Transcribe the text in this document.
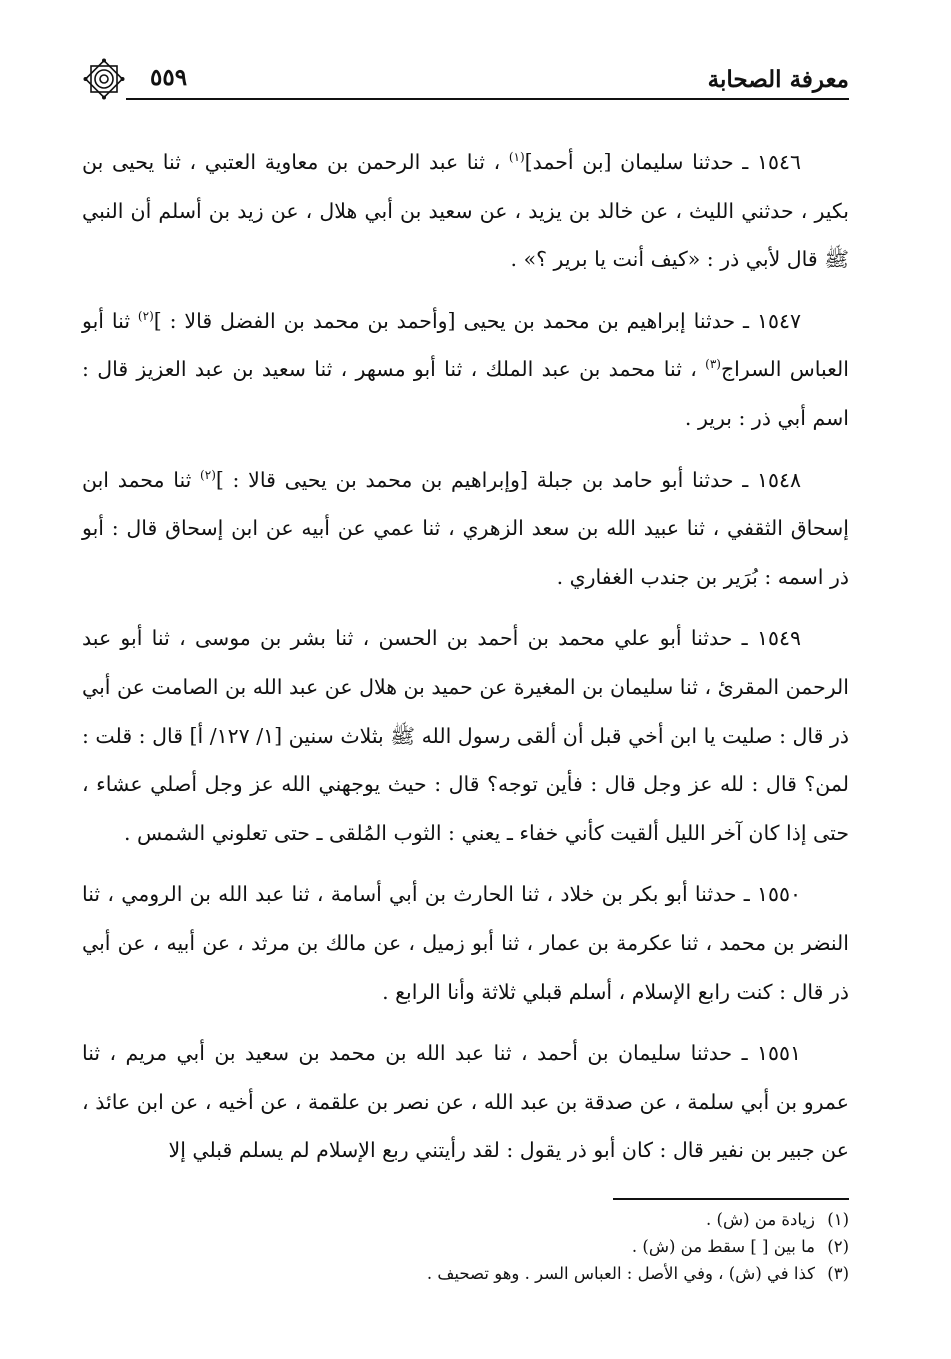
معرفة الصحابة
٥٥٩

١٥٤٦ ـ حدثنا سليمان [بن أحمد]$^{(١)}$ ، ثنا عبد الرحمن بن معاوية العتبي ، ثنا يحيى بن بكير ، حدثني الليث ، عن خالد بن يزيد ، عن سعيد بن أبي هلال ، عن زيد بن أسلم أن النبي ﷺ قال لأبي ذر : «كيف أنت يا برير ؟» .

١٥٤٧ ـ حدثنا إبراهيم بن محمد بن يحيى [وأحمد بن محمد بن الفضل قالا : ]$^{(٢)}$ ثنا أبو العباس السراج$^{(٣)}$ ، ثنا محمد بن عبد الملك ، ثنا أبو مسهر ، ثنا سعيد بن عبد العزيز قال : اسم أبي ذر : برير .

١٥٤٨ ـ حدثنا أبو حامد بن جبلة [وإبراهيم بن محمد بن يحيى قالا : ]$^{(٢)}$ ثنا محمد ابن إسحاق الثقفي ، ثنا عبيد الله بن سعد الزهري ، ثنا عمي عن أبيه عن ابن إسحاق قال : أبو ذر اسمه : بُرَير بن جندب الغفاري .

١٥٤٩ ـ حدثنا أبو علي محمد بن أحمد بن الحسن ، ثنا بشر بن موسى ، ثنا أبو عبد الرحمن المقرئ ، ثنا سليمان بن المغيرة عن حميد بن هلال عن عبد الله بن الصامت عن أبي ذر قال : صليت يا ابن أخي قبل أن ألقى رسول الله ﷺ بثلاث سنين [١/ ١٢٧/ أ] قال : قلت : لمن؟ قال : لله عز وجل قال : فأين توجه؟ قال : حيث يوجهني الله عز وجل أصلي عشاء ، حتى إذا كان آخر الليل ألقيت كأني خفاء ـ يعني : الثوب المُلقى ـ حتى تعلوني الشمس .

١٥٥٠ ـ حدثنا أبو بكر بن خلاد ، ثنا الحارث بن أبي أسامة ، ثنا عبد الله بن الرومي ، ثنا النضر بن محمد ، ثنا عكرمة بن عمار ، ثنا أبو زميل ، عن مالك بن مرثد ، عن أبيه ، عن أبي ذر قال : كنت رابع الإسلام ، أسلم قبلي ثلاثة وأنا الرابع .

١٥٥١ ـ حدثنا سليمان بن أحمد ، ثنا عبد الله بن محمد بن سعيد بن أبي مريم ، ثنا عمرو بن أبي سلمة ، عن صدقة بن عبد الله ، عن نصر بن علقمة ، عن أخيه ، عن ابن عائذ ، عن جبير بن نفير قال : كان أبو ذر يقول : لقد رأيتني ربع الإسلام لم يسلم قبلي إلا

(١)زيادة من (ش) .

(٢)ما بين [ ] سقط من (ش) .

(٣)كذا في (ش) ، وفي الأصل : العباس السر . وهو تصحيف .
